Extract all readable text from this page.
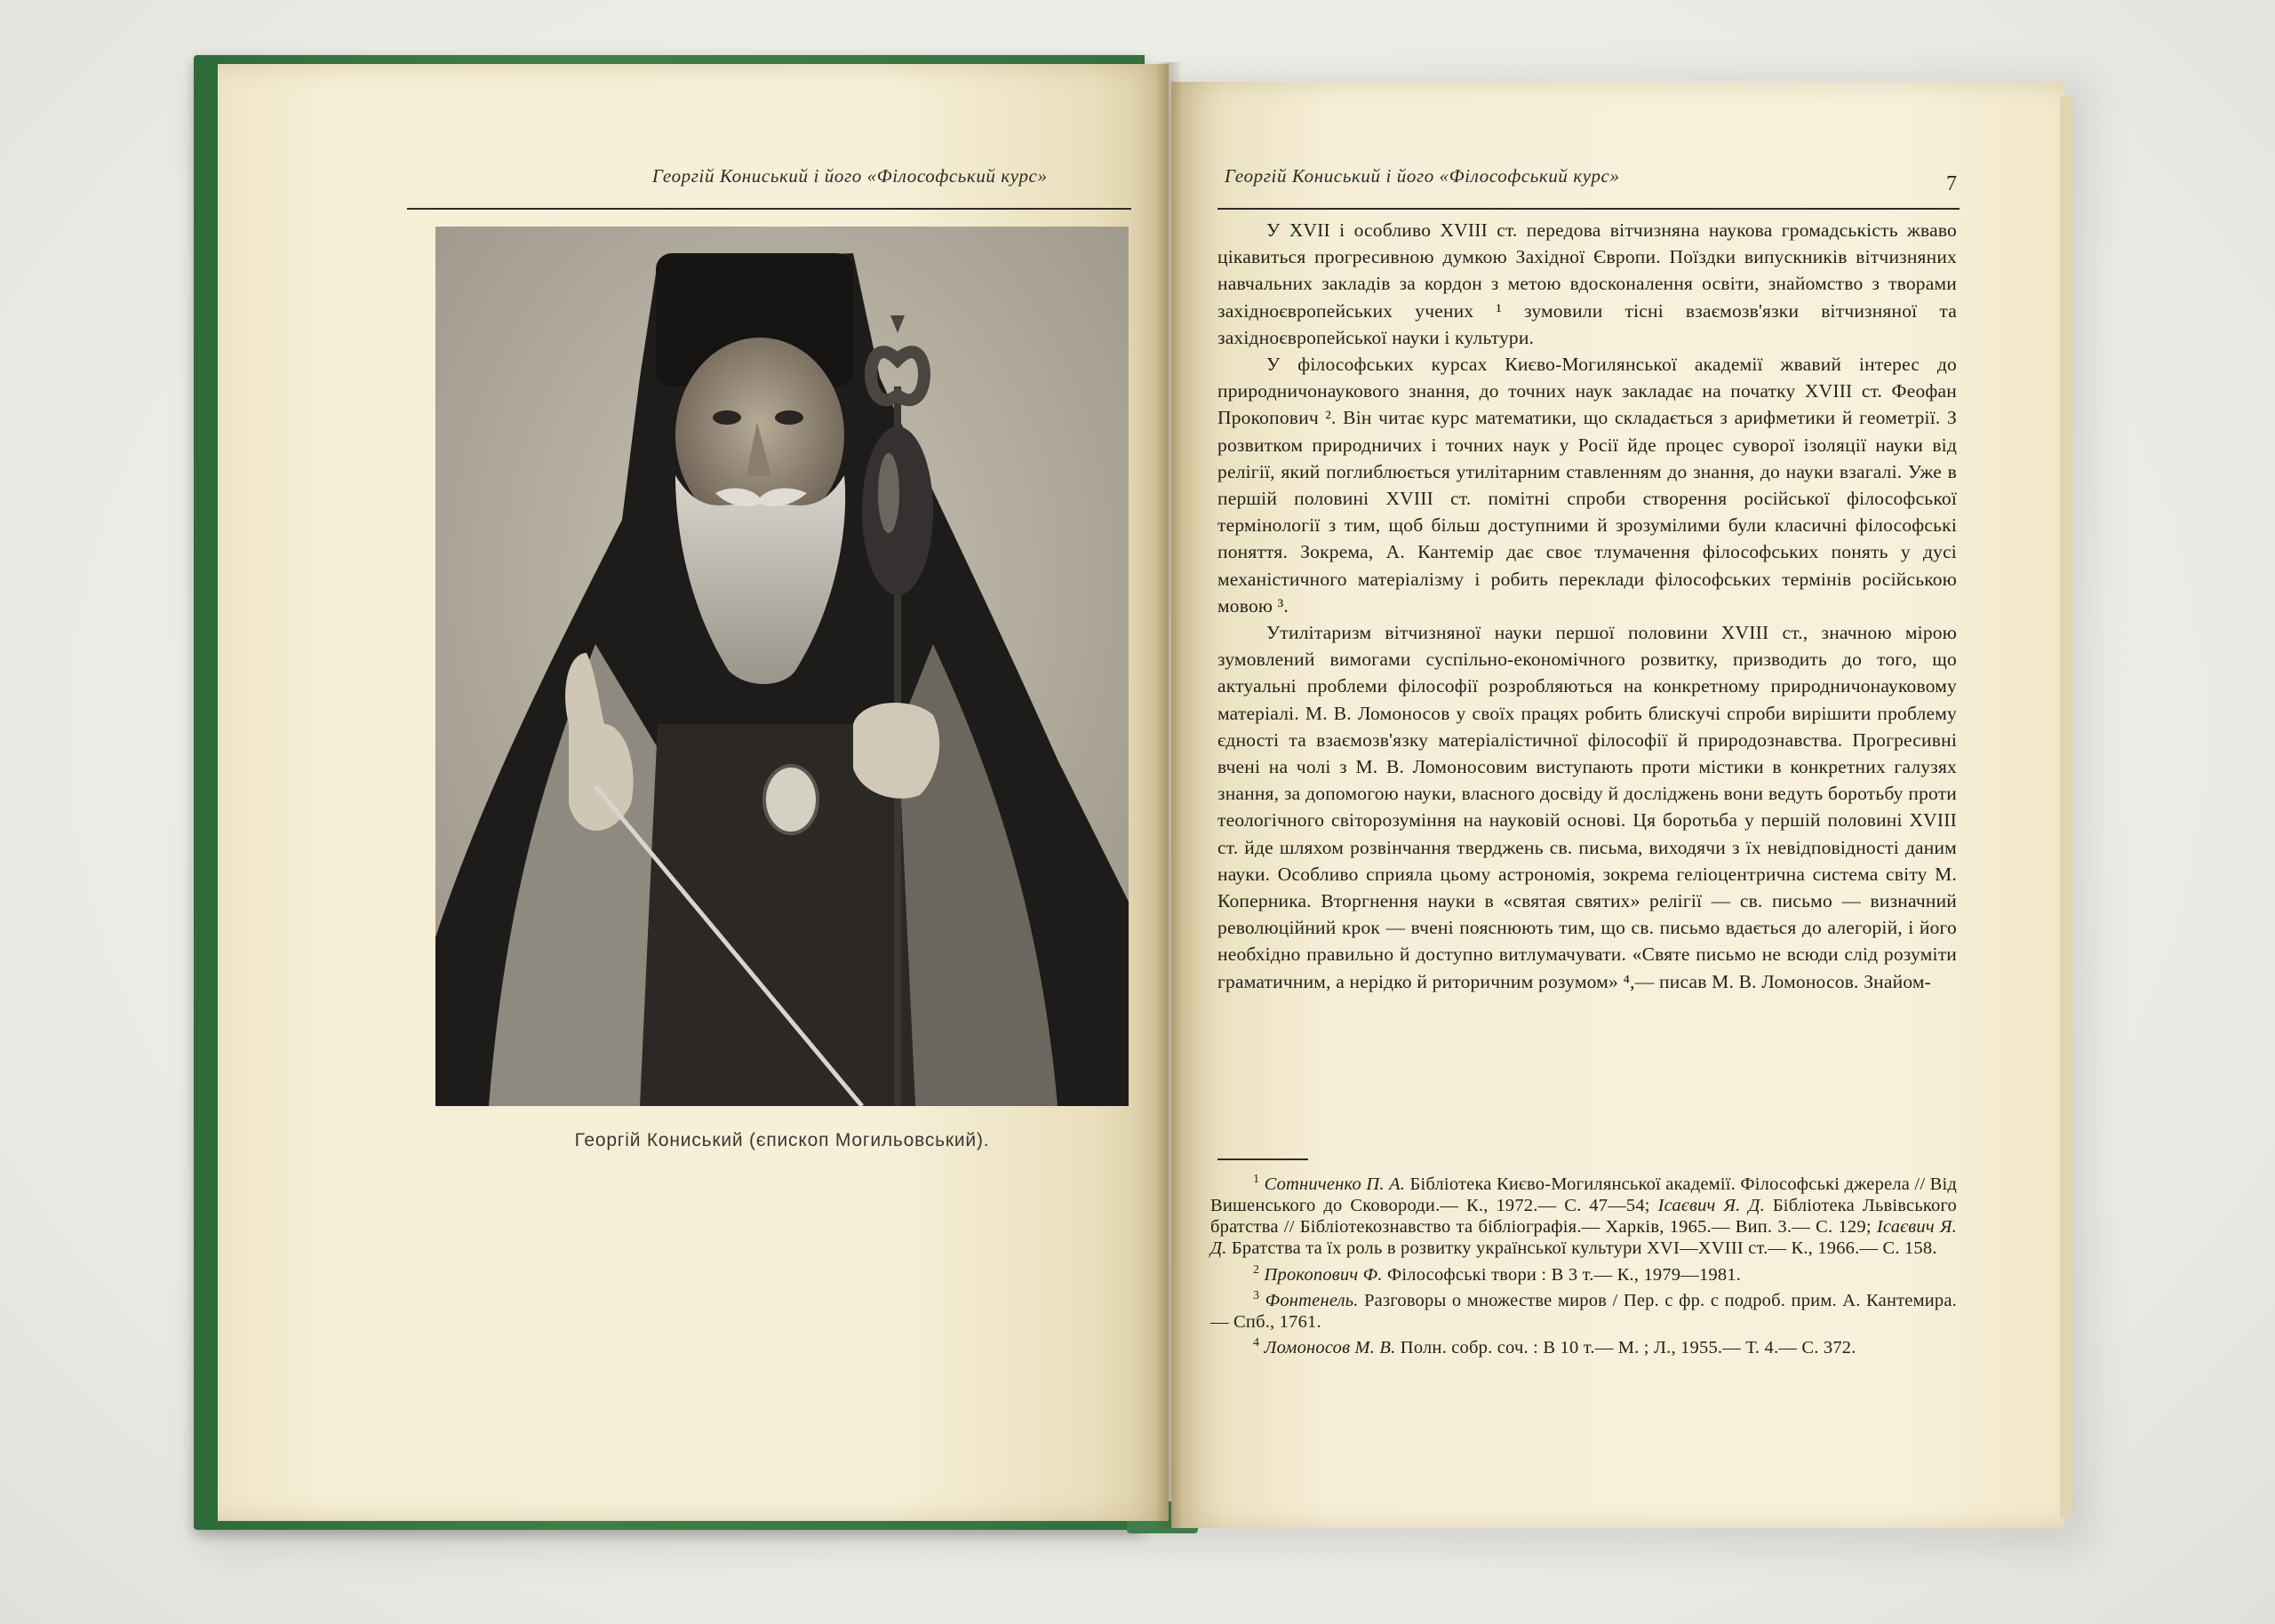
Георгій Кониський і його «Філософський курс»
Георгій Кониський (єпископ Могильовський).
Георгій Кониський і його «Філософський курс»	7

У XVII і особливо XVIII ст. передова вітчизняна наукова громадськість жваво цікавиться прогресивною думкою Західної Європи. Поїздки випускників вітчизняних навчальних закладів за кордон з метою вдосконалення освіти, знайомство з творами західноєвропейських учених ¹ зумовили тісні взаємозв'язки вітчизняної та західноєвропейської науки і культури.

У філософських курсах Києво-Могилянської академії жвавий інтерес до природничонаукового знання, до точних наук закладає на початку XVIII ст. Феофан Прокопович ². Він читає курс математики, що складається з арифметики й геометрії. З розвитком природничих і точних наук у Росії йде процес суворої ізоляції науки від релігії, який поглиблюється утилітарним ставленням до знання, до науки взагалі. Уже в першій половині XVIII ст. помітні спроби створення російської філософської термінології з тим, щоб більш доступними й зрозумілими були класичні філософські поняття. Зокрема, А. Кантемір дає своє тлумачення філософських понять у дусі механістичного матеріалізму і робить переклади філософських термінів російською мовою ³.

Утилітаризм вітчизняної науки першої половини XVIII ст., значною мірою зумовлений вимогами суспільно-економічного розвитку, призводить до того, що актуальні проблеми філософії розробляються на конкретному природничонауковому матеріалі. М. В. Ломоносов у своїх працях робить блискучі спроби вирішити проблему єдності та взаємозв'язку матеріалістичної філософії й природознавства. Прогресивні вчені на чолі з М. В. Ломоносовим виступають проти містики в конкретних галузях знання, за допомогою науки, власного досвіду й досліджень вони ведуть боротьбу проти теологічного світорозуміння на науковій основі. Ця боротьба у першій половині XVIII ст. йде шляхом розвінчання тверджень св. письма, виходячи з їх невідповідності даним науки. Особливо сприяла цьому астрономія, зокрема геліоцентрична система світу М. Коперника. Вторгнення науки в «святая святих» релігії — св. письмо — визначний революційний крок — вчені пояснюють тим, що св. письмо вдається до алегорій, і його необхідно правильно й доступно витлумачувати. «Святе письмо не всюди слід розуміти граматичним, а нерідко й риторичним розумом» ⁴,— писав М. В. Ломоносов. Знайом-

$^1$ Сотниченко П. А. Бібліотека Києво-Могилянської академії. Філософські джерела // Від Вишенського до Сковороди.— К., 1972.— С. 47—54; Ісаєвич Я. Д. Бібліотека Львівського братства // Бібліотекознавство та бібліографія.— Харків, 1965.— Вип. 3.— С. 129; Ісаєвич Я. Д. Братства та їх роль в розвитку української культури XVI—XVIII ст.— К., 1966.— С. 158.

$^2$ Прокопович Ф. Філософські твори : В 3 т.— К., 1979—1981.

$^3$ Фонтенель. Разговоры о множестве миров / Пер. с фр. с подроб. прим. А. Кантемира.— Спб., 1761.

$^4$ Ломоносов М. В. Полн. собр. соч. : В 10 т.— М. ; Л., 1955.— Т. 4.— С. 372.
